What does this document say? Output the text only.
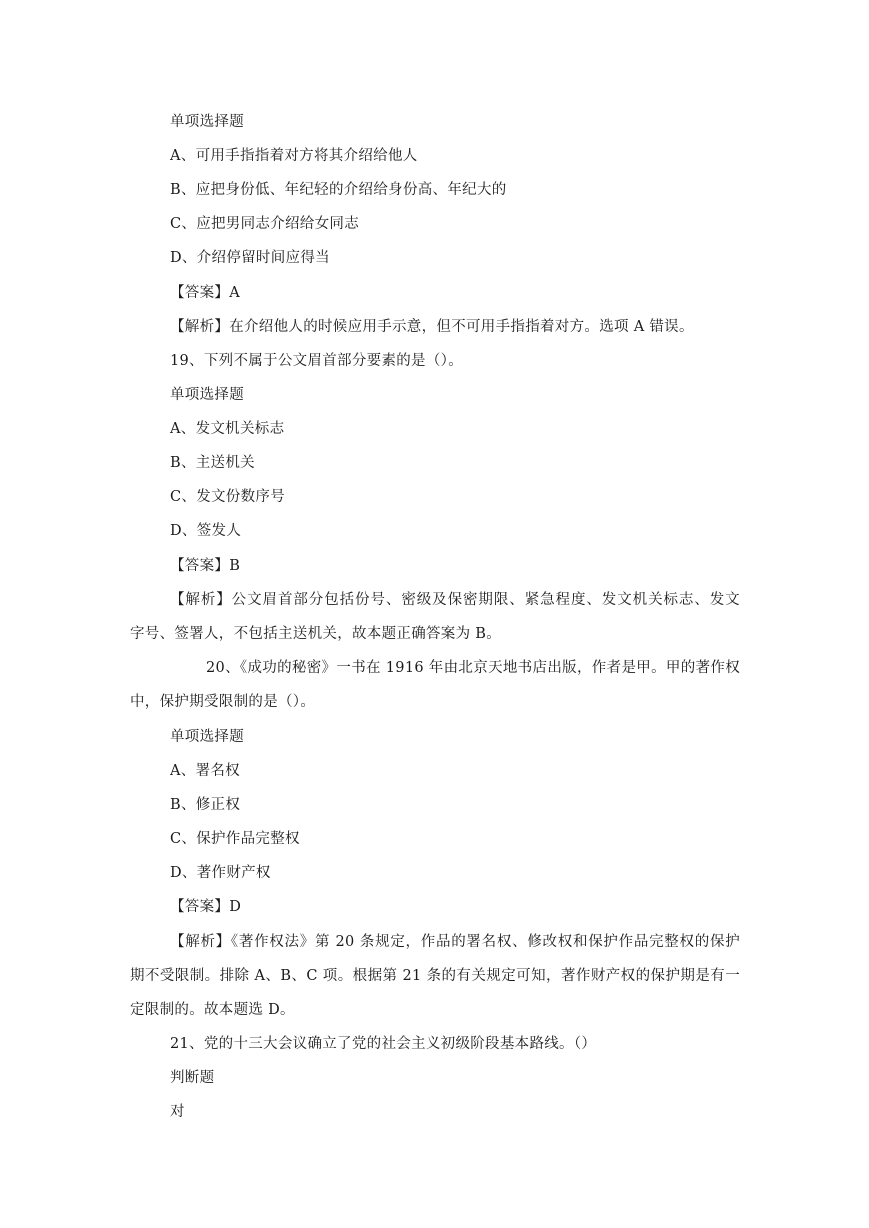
单项选择题
A、可用手指指着对方将其介绍给他人
B、应把身份低、年纪轻的介绍给身份高、年纪大的
C、应把男同志介绍给女同志
D、介绍停留时间应得当
【答案】A
【解析】在介绍他人的时候应用手示意，但不可用手指指着对方。选项 A 错误。
19、下列不属于公文眉首部分要素的是（）。
单项选择题
A、发文机关标志
B、主送机关
C、发文份数序号
D、签发人
【答案】B
【解析】公文眉首部分包括份号、密级及保密期限、紧急程度、发文机关标志、发文
字号、签署人，不包括主送机关，故本题正确答案为 B。
20、《成功的秘密》一书在 1916 年由北京天地书店出版，作者是甲。甲的著作权
中，保护期受限制的是（）。
单项选择题
A、署名权
B、修正权
C、保护作品完整权
D、著作财产权
【答案】D
【解析】《著作权法》第 20 条规定，作品的署名权、修改权和保护作品完整权的保护
期不受限制。排除 A、B、C 项。根据第 21 条的有关规定可知，著作财产权的保护期是有一
定限制的。故本题选 D。
21、党的十三大会议确立了党的社会主义初级阶段基本路线。（）
判断题
对
